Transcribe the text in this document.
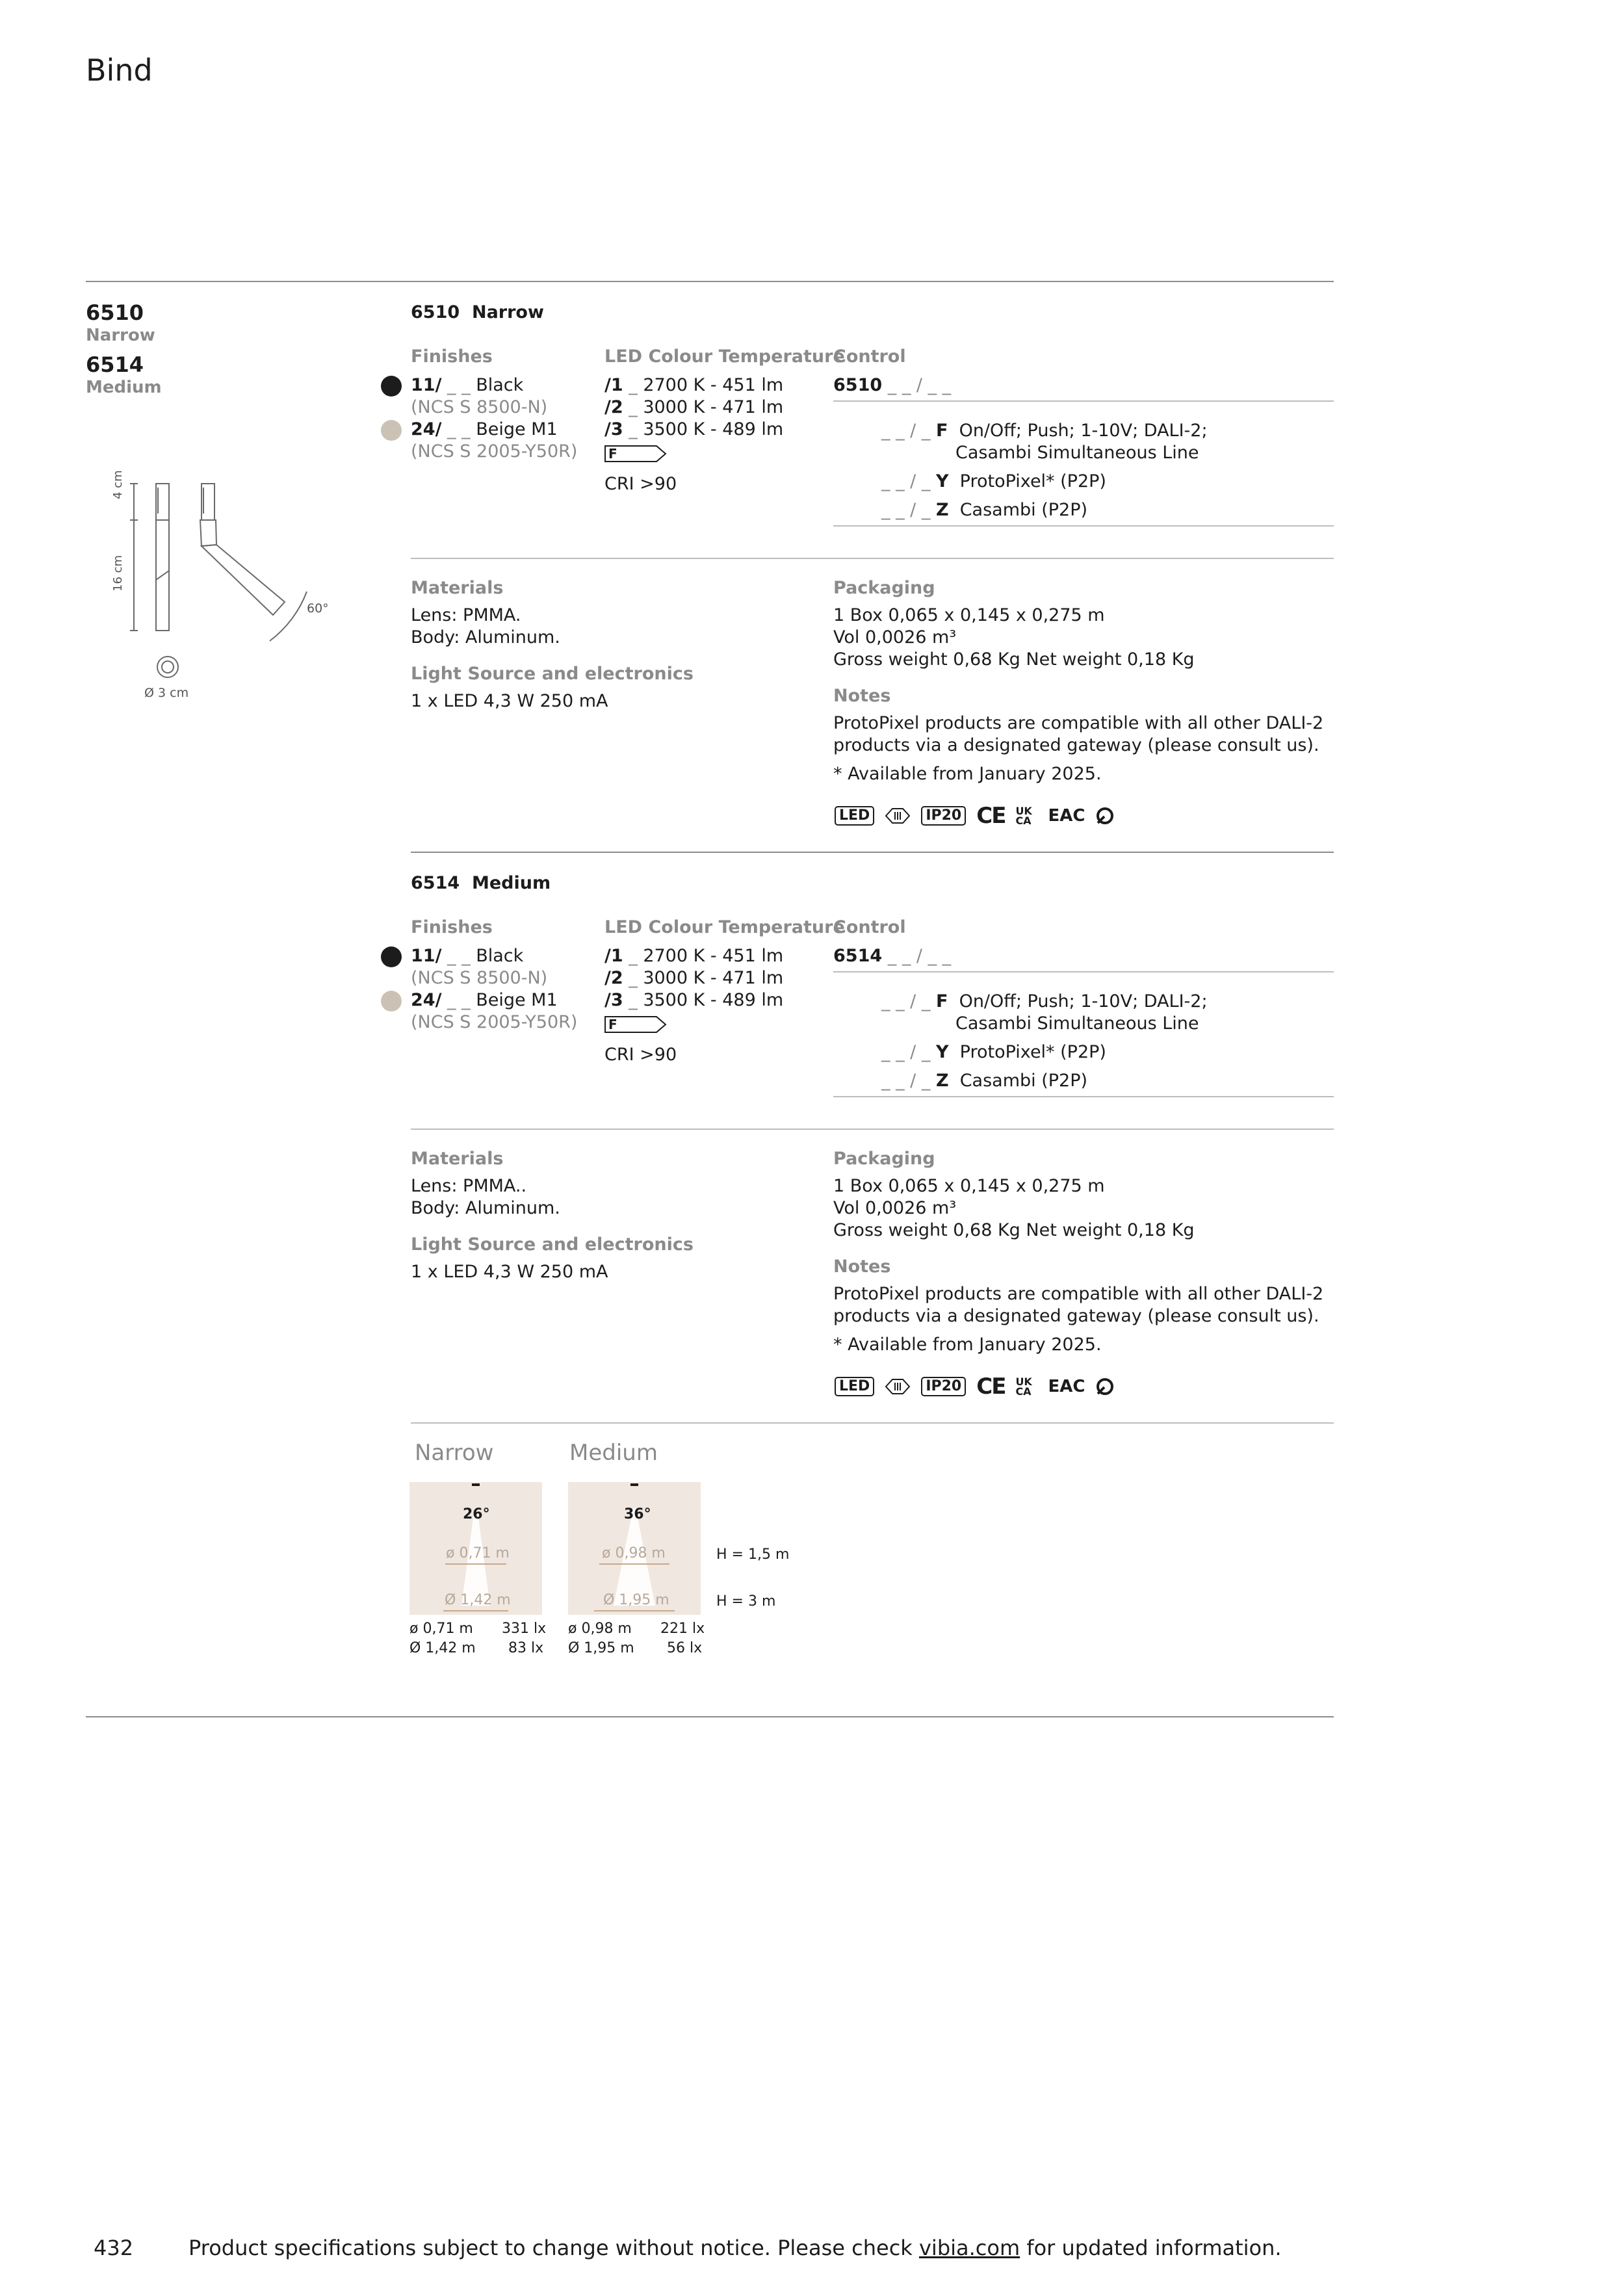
Bind
6510
Narrow
6514
Medium
4 cm
16 cm
60°
Ø 3 cm
6510 Narrow
Finishes
11/ _ _ Black
(NCS S 8500-N)
24/ _ _ Beige M1
(NCS S 2005-Y50R)
LED Colour Temperature
/1 _ 2700 K - 451 lm
/2 _ 3000 K - 471 lm
/3 _ 3500 K - 489 lm
F
CRI >90
Control
6510 _ _ / _ _
_ _ / _ F On/Off; Push; 1-10V; DALI-2;
Casambi Simultaneous Line
_ _ / _ Y ProtoPixel* (P2P)
_ _ / _ Z Casambi (P2P)
Materials
Lens: PMMA.
Body: Aluminum.
Light Source and electronics
1 x LED 4,3 W 250 mA
Packaging
1 Box 0,065 x 0,145 x 0,275 m
Vol 0,0026 m³
Gross weight 0,68 Kg Net weight 0,18 Kg
Notes
ProtoPixel products are compatible with all other DALI-2
products via a designated gateway (please consult us).
* Available from January 2025.
LED	IP20 CE UK CA EAC
6514 Medium
Finishes
11/ _ _ Black
(NCS S 8500-N)
24/ _ _ Beige M1
(NCS S 2005-Y50R)
LED Colour Temperature
/1 _ 2700 K - 451 lm
/2 _ 3000 K - 471 lm
/3 _ 3500 K - 489 lm
F
CRI >90
Control
6514 _ _ / _ _
_ _ / _ F On/Off; Push; 1-10V; DALI-2;
Casambi Simultaneous Line
_ _ / _ Y ProtoPixel* (P2P)
_ _ / _ Z Casambi (P2P)
Materials
Lens: PMMA..
Body: Aluminum.
Light Source and electronics
1 x LED 4,3 W 250 mA
Packaging
1 Box 0,065 x 0,145 x 0,275 m
Vol 0,0026 m³
Gross weight 0,68 Kg Net weight 0,18 Kg
Notes
ProtoPixel products are compatible with all other DALI-2
products via a designated gateway (please consult us).
* Available from January 2025.
LED	IP20 CE UK CA EAC
Narrow	Medium
26°
ø 0,71 m
Ø 1,42 m
36°
ø 0,98 m
Ø 1,95 m
H = 1,5 m
H = 3 m
ø 0,71 m 331 lx
Ø 1,42 m 83 lx
ø 0,98 m 221 lx
Ø 1,95 m 56 lx
432	Product specifications subject to change without notice. Please check vibia.com for updated information.
